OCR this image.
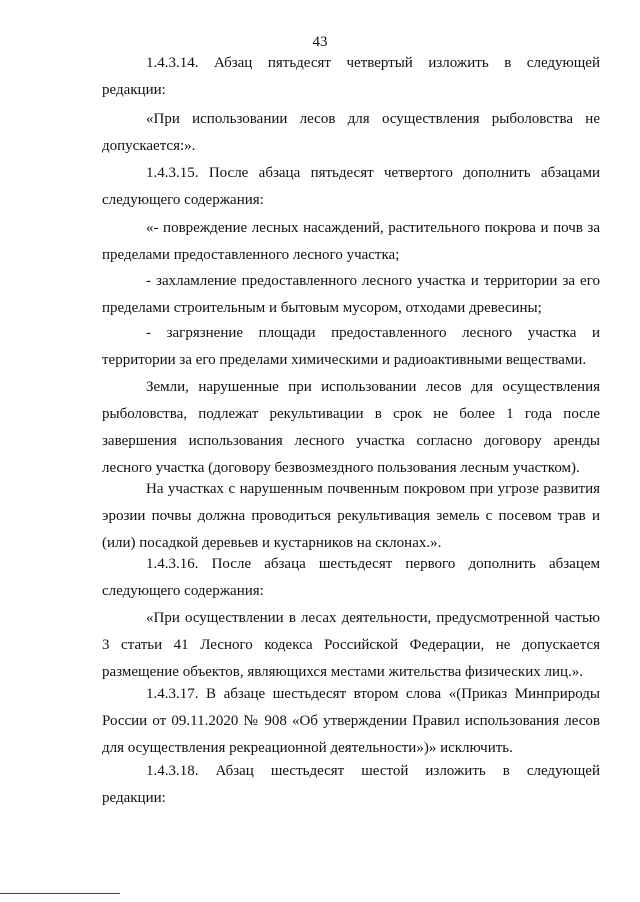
43
1.4.3.14. Абзац пятьдесят четвертый изложить в следующей
редакции:
«При использовании лесов для осуществления рыболовства не
допускается:».
1.4.3.15. После абзаца пятьдесят четвертого дополнить абзацами
следующего содержания:
«- повреждение лесных насаждений, растительного покрова и почв за
пределами предоставленного лесного участка;
- захламление предоставленного лесного участка и территории за его
пределами строительным и бытовым мусором, отходами древесины;
- загрязнение площади предоставленного лесного участка и
территории за его пределами химическими и радиоактивными веществами.
Земли, нарушенные при использовании лесов для осуществления
рыболовства, подлежат рекультивации в срок не более 1 года после
завершения использования лесного участка согласно договору аренды
лесного участка (договору безвозмездного пользования лесным участком).
На участках с нарушенным почвенным покровом при угрозе развития
эрозии почвы должна проводиться рекультивация земель с посевом трав и
(или) посадкой деревьев и кустарников на склонах.».
1.4.3.16. После абзаца шестьдесят первого дополнить абзацем
следующего содержания:
«При осуществлении в лесах деятельности, предусмотренной частью
3 статьи 41 Лесного кодекса Российской Федерации, не допускается
размещение объектов, являющихся местами жительства физических лиц.».
1.4.3.17. В абзаце шестьдесят втором слова «(Приказ Минприроды
России от 09.11.2020 № 908 «Об утверждении Правил использования лесов
для осуществления рекреационной деятельности»)» исключить.
1.4.3.18. Абзац шестьдесят шестой изложить в следующей
редакции:
